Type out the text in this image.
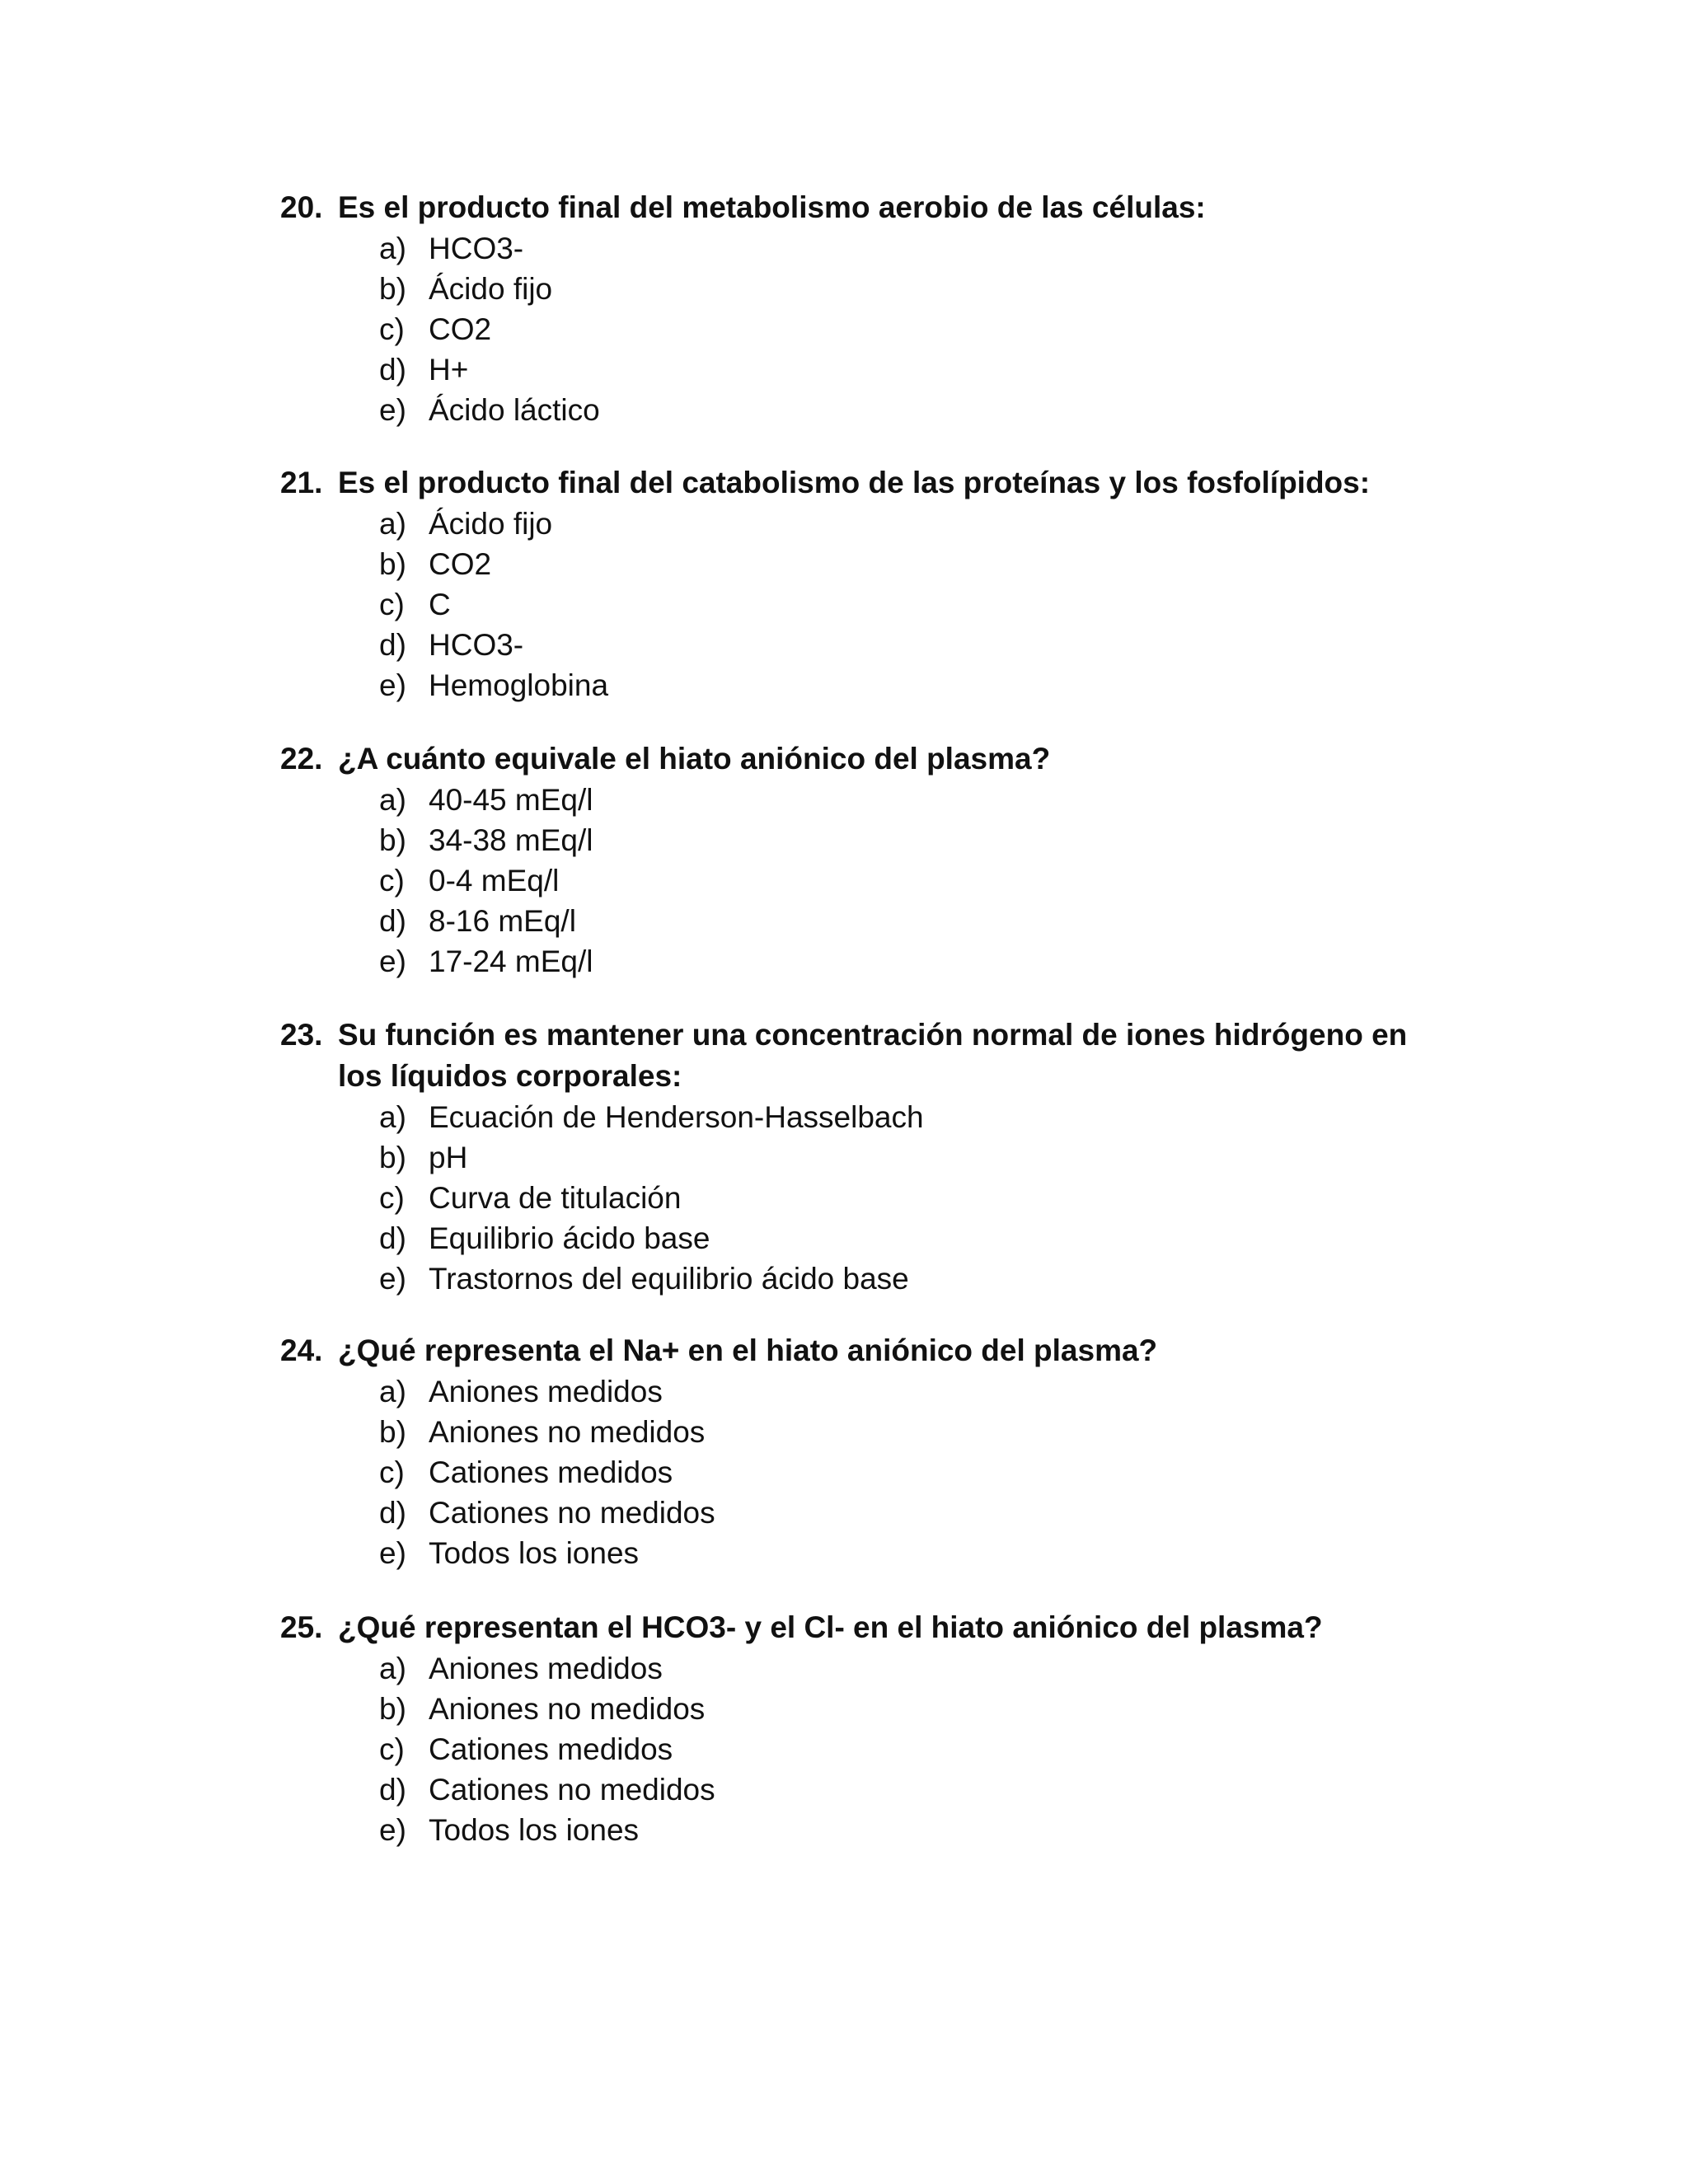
20. Es el producto final del metabolismo aerobio de las células:
a) HCO3-
b) Ácido fijo
c) CO2
d) H+
e) Ácido láctico
21. Es el producto final del catabolismo de las proteínas y los fosfolípidos:
a) Ácido fijo
b) CO2
c) C
d) HCO3-
e) Hemoglobina
22. ¿A cuánto equivale el hiato aniónico del plasma?
a) 40-45 mEq/l
b) 34-38 mEq/l
c) 0-4 mEq/l
d) 8-16 mEq/l
e) 17-24 mEq/l
23. Su función es mantener una concentración normal de iones hidrógeno en los líquidos corporales:
a) Ecuación de Henderson-Hasselbach
b) pH
c) Curva de titulación
d) Equilibrio ácido base
e) Trastornos del equilibrio ácido base
24. ¿Qué representa el Na+ en el hiato aniónico del plasma?
a) Aniones medidos
b) Aniones no medidos
c) Cationes medidos
d) Cationes no medidos
e) Todos los iones
25. ¿Qué representan el HCO3- y el Cl- en el hiato aniónico del plasma?
a) Aniones medidos
b) Aniones no medidos
c) Cationes medidos
d) Cationes no medidos
e) Todos los iones
